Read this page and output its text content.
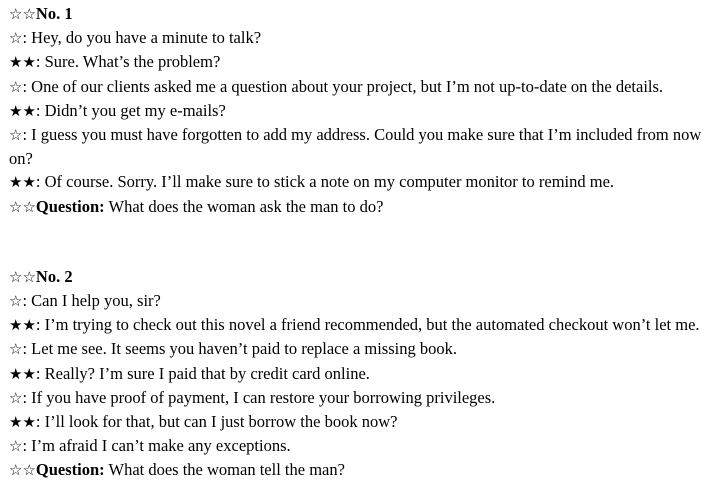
☆☆No. 1
☆: Hey, do you have a minute to talk?
★★: Sure. What’s the problem?
☆: One of our clients asked me a question about your project, but I’m not up-to-date on the details.
★★: Didn’t you get my e-mails?
☆: I guess you must have forgotten to add my address. Could you make sure that I’m included from now on?
★★: Of course. Sorry. I’ll make sure to stick a note on my computer monitor to remind me.
☆☆Question: What does the woman ask the man to do?
☆☆No. 2
☆: Can I help you, sir?
★★: I’m trying to check out this novel a friend recommended, but the automated checkout won’t let me.
☆: Let me see. It seems you haven’t paid to replace a missing book.
★★: Really? I’m sure I paid that by credit card online.
☆: If you have proof of payment, I can restore your borrowing privileges.
★★: I’ll look for that, but can I just borrow the book now?
☆: I’m afraid I can’t make any exceptions.
☆☆Question: What does the woman tell the man?
